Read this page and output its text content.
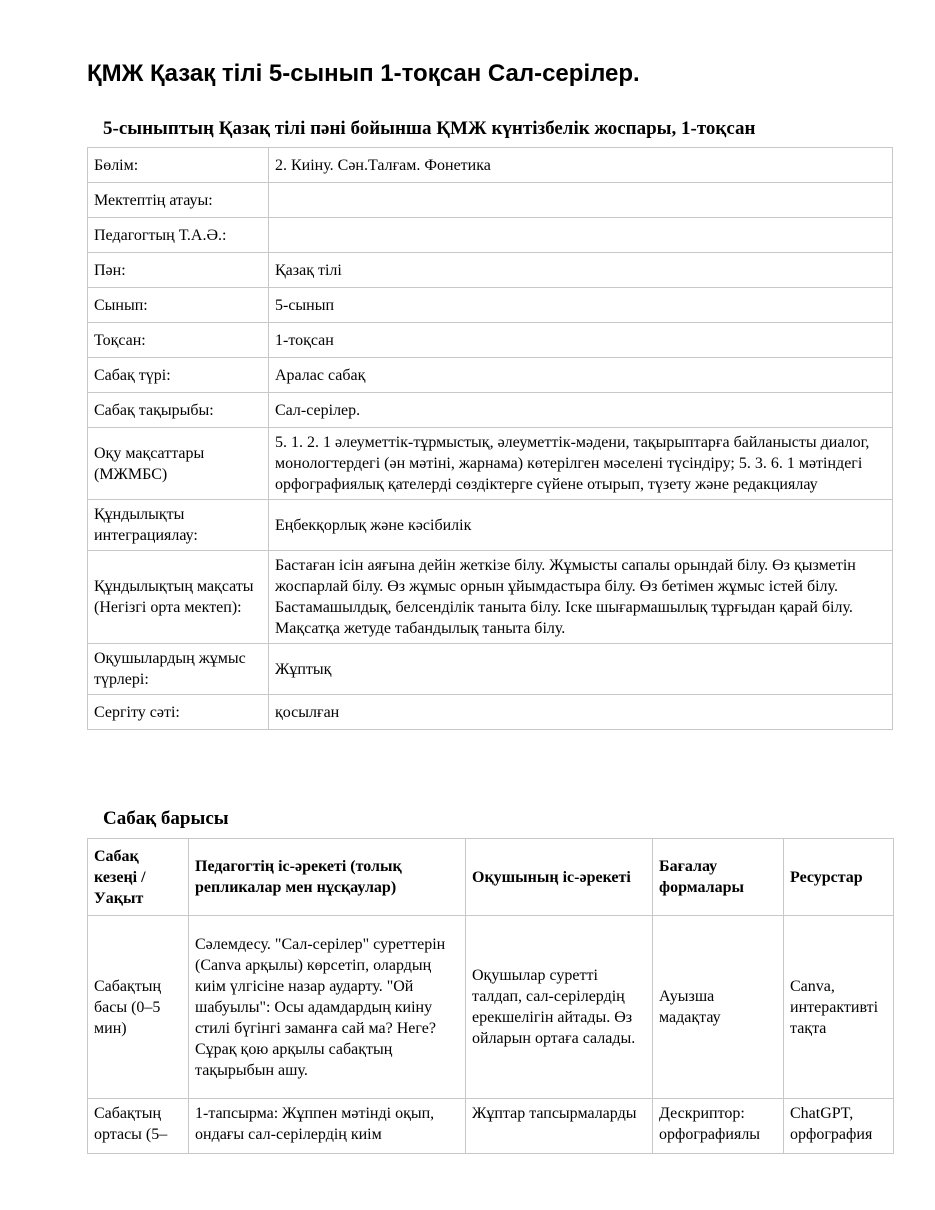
ҚМЖ Қазақ тілі 5-сынып 1-тоқсан Сал-серілер.
5-сыныптың Қазақ тілі пәні бойынша ҚМЖ күнтізбелік жоспары, 1-тоқсан
Бөлім:	2. Киіну. Сән.Талғам. Фонетика
Мектептің атауы:	
Педагогтың Т.А.Ә.:	
Пән:	Қазақ тілі
Сынып:	5-сынып
Тоқсан:	1-тоқсан
Сабақ түрі:	Аралас сабақ
Сабақ тақырыбы:	Сал-серілер.
Оқу мақсаттары (МЖМБС)	5. 1. 2. 1 әлеуметтік-тұрмыстық, әлеуметтік-мәдени, тақырыптарға байланысты диалог, монологтердегі (ән мәтіні, жарнама) көтерілген мәселені түсіндіру; 5. 3. 6. 1 мәтіндегі орфографиялық қателерді сөздіктерге сүйене отырып, түзету және редакциялау
Құндылықты интеграциялау:	Еңбекқорлық және кәсібилік
Құндылықтың мақсаты (Негізгі орта мектеп):	Бастаған ісін аяғына дейін жеткізе білу. Жұмысты сапалы орындай білу. Өз қызметін жоспарлай білу. Өз жұмыс орнын ұйымдастыра білу. Өз бетімен жұмыс істей білу. Бастамашылдық, белсенділік таныта білу. Іске шығармашылық тұрғыдан қарай білу. Мақсатқа жетуде табандылық таныта білу.
Оқушылардың жұмыс түрлері:	Жұптық
Сергіту сәті:	қосылған
Сабақ барысы
Сабақ кезеңі / Уақыт	Педагогтің іс-әрекеті (толық репликалар мен нұсқаулар)	Оқушының іс-әрекеті	Бағалау формалары	Ресурстар
Сабақтың басы (0–5 мин)	Сәлемдесу. "Сал-серілер" суреттерін (Canva арқылы) көрсетіп, олардың киім үлгісіне назар аударту. "Ой шабуылы": Осы адамдардың киіну стилі бүгінгі заманға сай ма? Неге? Сұрақ қою арқылы сабақтың тақырыбын ашу.	Оқушылар суретті талдап, сал-серілердің ерекшелігін айтады. Өз ойларын ортаға салады.	Ауызша мадақтау	Canva, интерактивті тақта
Сабақтың ортасы (5–	1-тапсырма: Жұппен мәтінді оқып, ондағы сал-серілердің киім	Жұптар тапсырмаларды	Дескриптор: орфографиялы	ChatGPT, орфография
